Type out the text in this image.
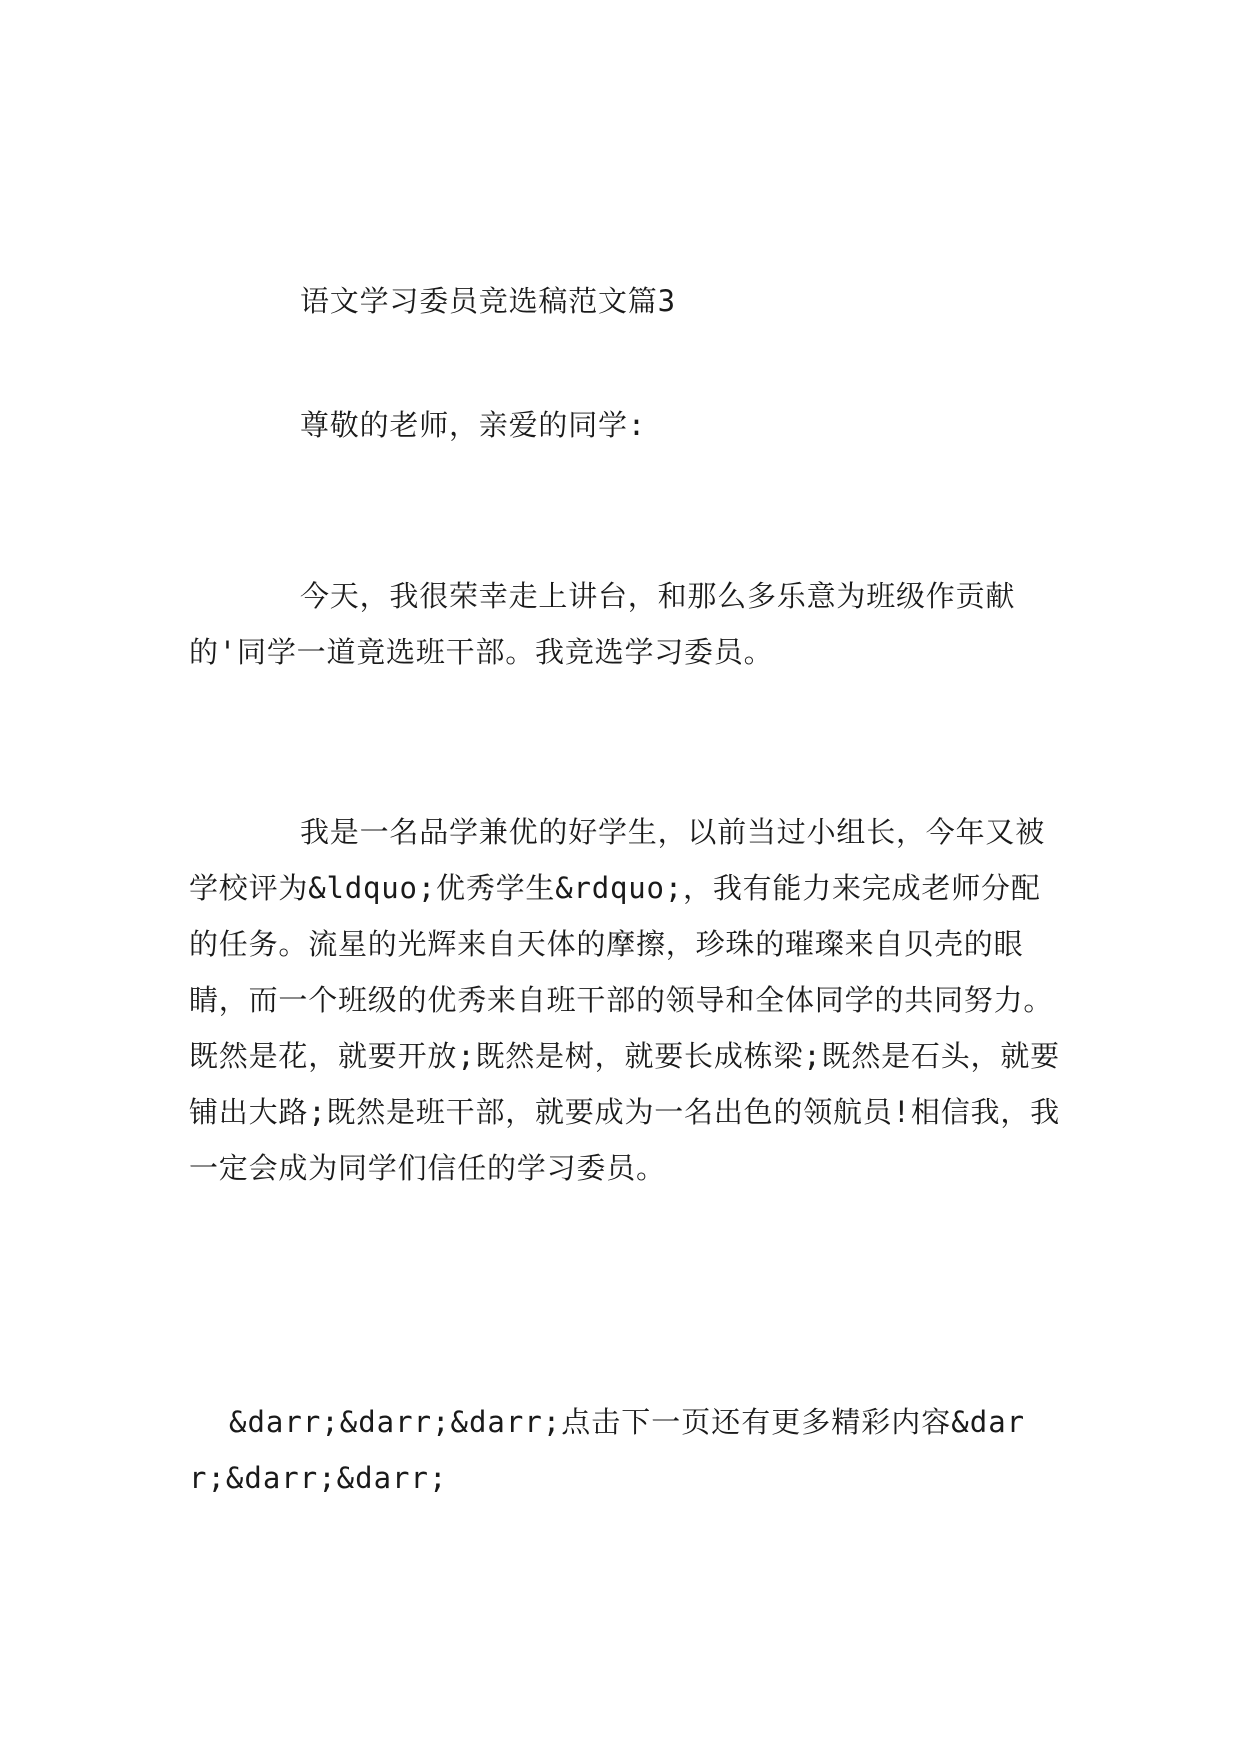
语文学习委员竞选稿范文篇3
尊敬的老师，亲爱的同学:
今天，我很荣幸走上讲台，和那么多乐意为班级作贡献的'同学一道竟选班干部。我竞选学习委员。
我是一名品学兼优的好学生，以前当过小组长，今年又被学校评为&ldquo;优秀学生&rdquo;，我有能力来完成老师分配的任务。流星的光辉来自天体的摩擦，珍珠的璀璨来自贝壳的眼睛，而一个班级的优秀来自班干部的领导和全体同学的共同努力。既然是花，就要开放;既然是树，就要长成栋梁;既然是石头，就要铺出大路;既然是班干部，就要成为一名出色的领航员!相信我，我一定会成为同学们信任的学习委员。
&darr;&darr;&darr;点击下一页还有更多精彩内容&darr;&darr;&darr;
